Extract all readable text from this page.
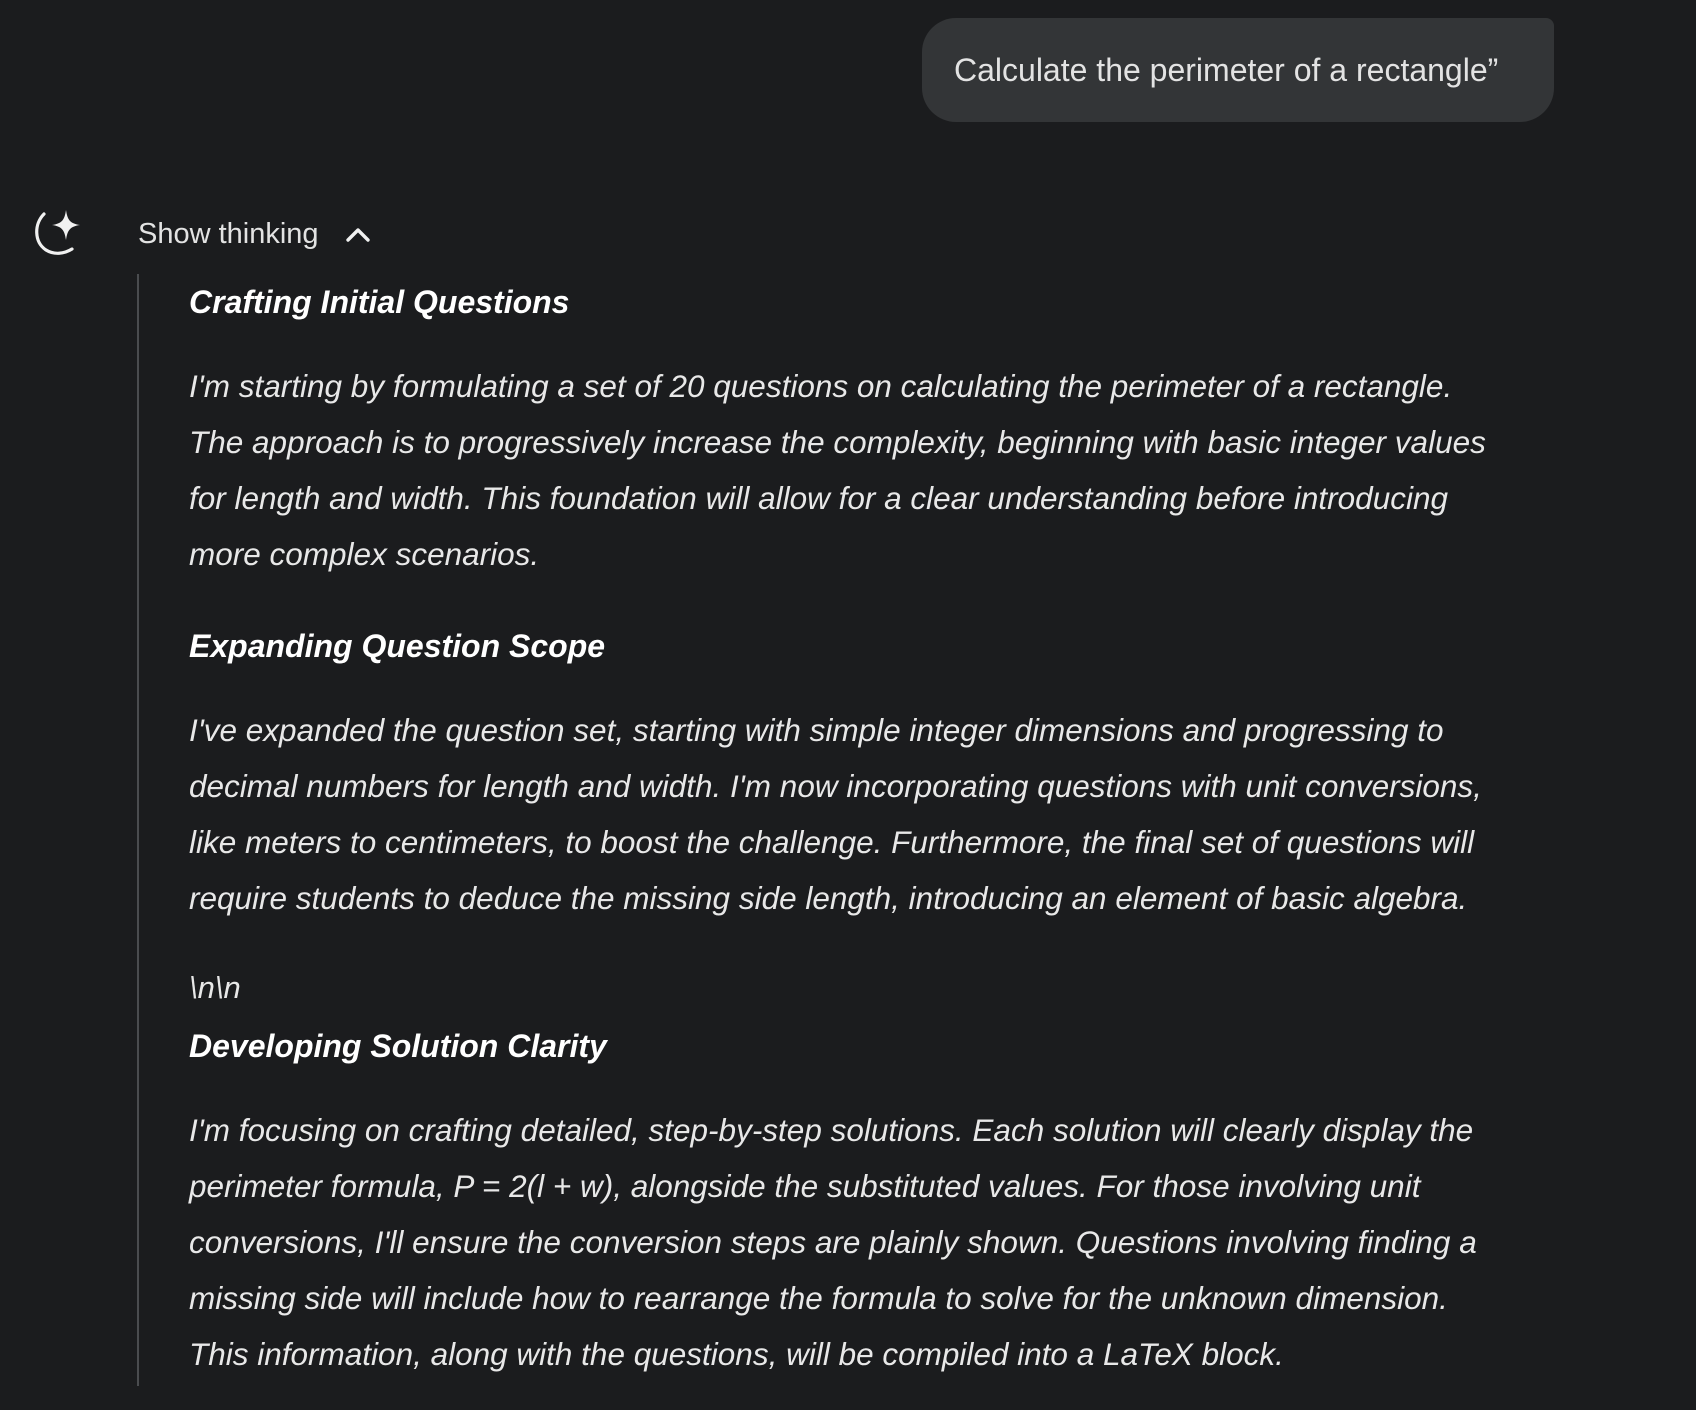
Calculate the perimeter of a rectangle”
Show thinking
Crafting Initial Questions

I'm starting by formulating a set of 20 questions on calculating the perimeter of a rectangle.

The approach is to progressively increase the complexity, beginning with basic integer values

for length and width. This foundation will allow for a clear understanding before introducing

more complex scenarios.

Expanding Question Scope

I've expanded the question set, starting with simple integer dimensions and progressing to

decimal numbers for length and width. I'm now incorporating questions with unit conversions,

like meters to centimeters, to boost the challenge. Furthermore, the final set of questions will

require students to deduce the missing side length, introducing an element of basic algebra.

\n\n
Developing Solution Clarity

I'm focusing on crafting detailed, step-by-step solutions. Each solution will clearly display the

perimeter formula, P = 2(l + w), alongside the substituted values. For those involving unit

conversions, I'll ensure the conversion steps are plainly shown. Questions involving finding a

missing side will include how to rearrange the formula to solve for the unknown dimension.

This information, along with the questions, will be compiled into a LaTeX block.
